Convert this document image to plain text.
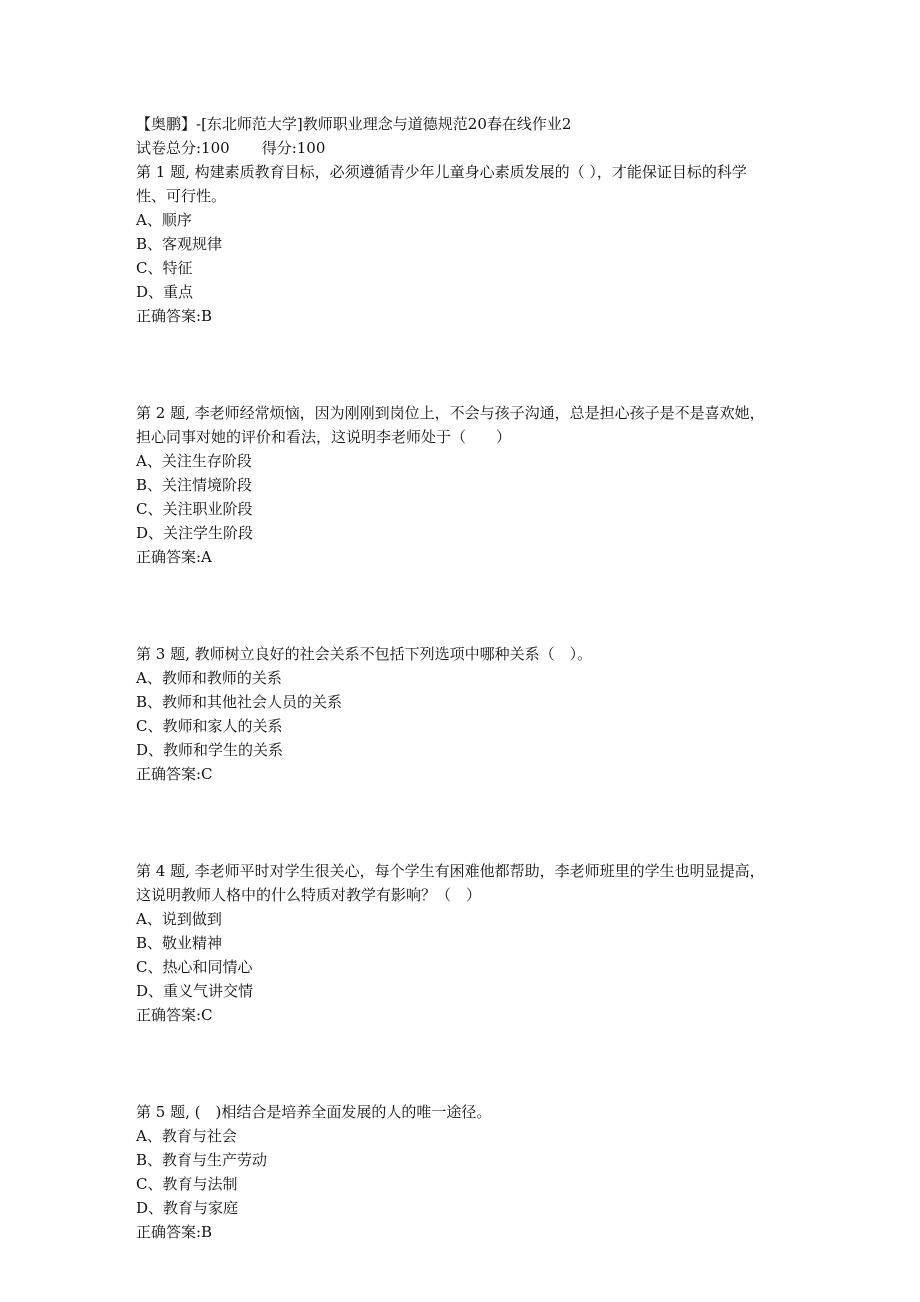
【奥鹏】-[东北师范大学]教师职业理念与道德规范20春在线作业2
试卷总分:100 得分:100
第 1 题, 构建素质教育目标，必须遵循青少年儿童身心素质发展的（ ），才能保证目标的科学
性、可行性。
A、顺序
B、客观规律
C、特征
D、重点
正确答案:B
第 2 题, 李老师经常烦恼，因为刚刚到岗位上，不会与孩子沟通，总是担心孩子是不是喜欢她，
担心同事对她的评价和看法，这说明李老师处于（　　）
A、关注生存阶段
B、关注情境阶段
C、关注职业阶段
D、关注学生阶段
正确答案:A
第 3 题, 教师树立良好的社会关系不包括下列选项中哪种关系（　）。
A、教师和教师的关系
B、教师和其他社会人员的关系
C、教师和家人的关系
D、教师和学生的关系
正确答案:C
第 4 题, 李老师平时对学生很关心，每个学生有困难他都帮助，李老师班里的学生也明显提高，
这说明教师人格中的什么特质对教学有影响？（　）
A、说到做到
B、敬业精神
C、热心和同情心
D、重义气讲交情
正确答案:C
第 5 题, (　)相结合是培养全面发展的人的唯一途径。
A、教育与社会
B、教育与生产劳动
C、教育与法制
D、教育与家庭
正确答案:B
